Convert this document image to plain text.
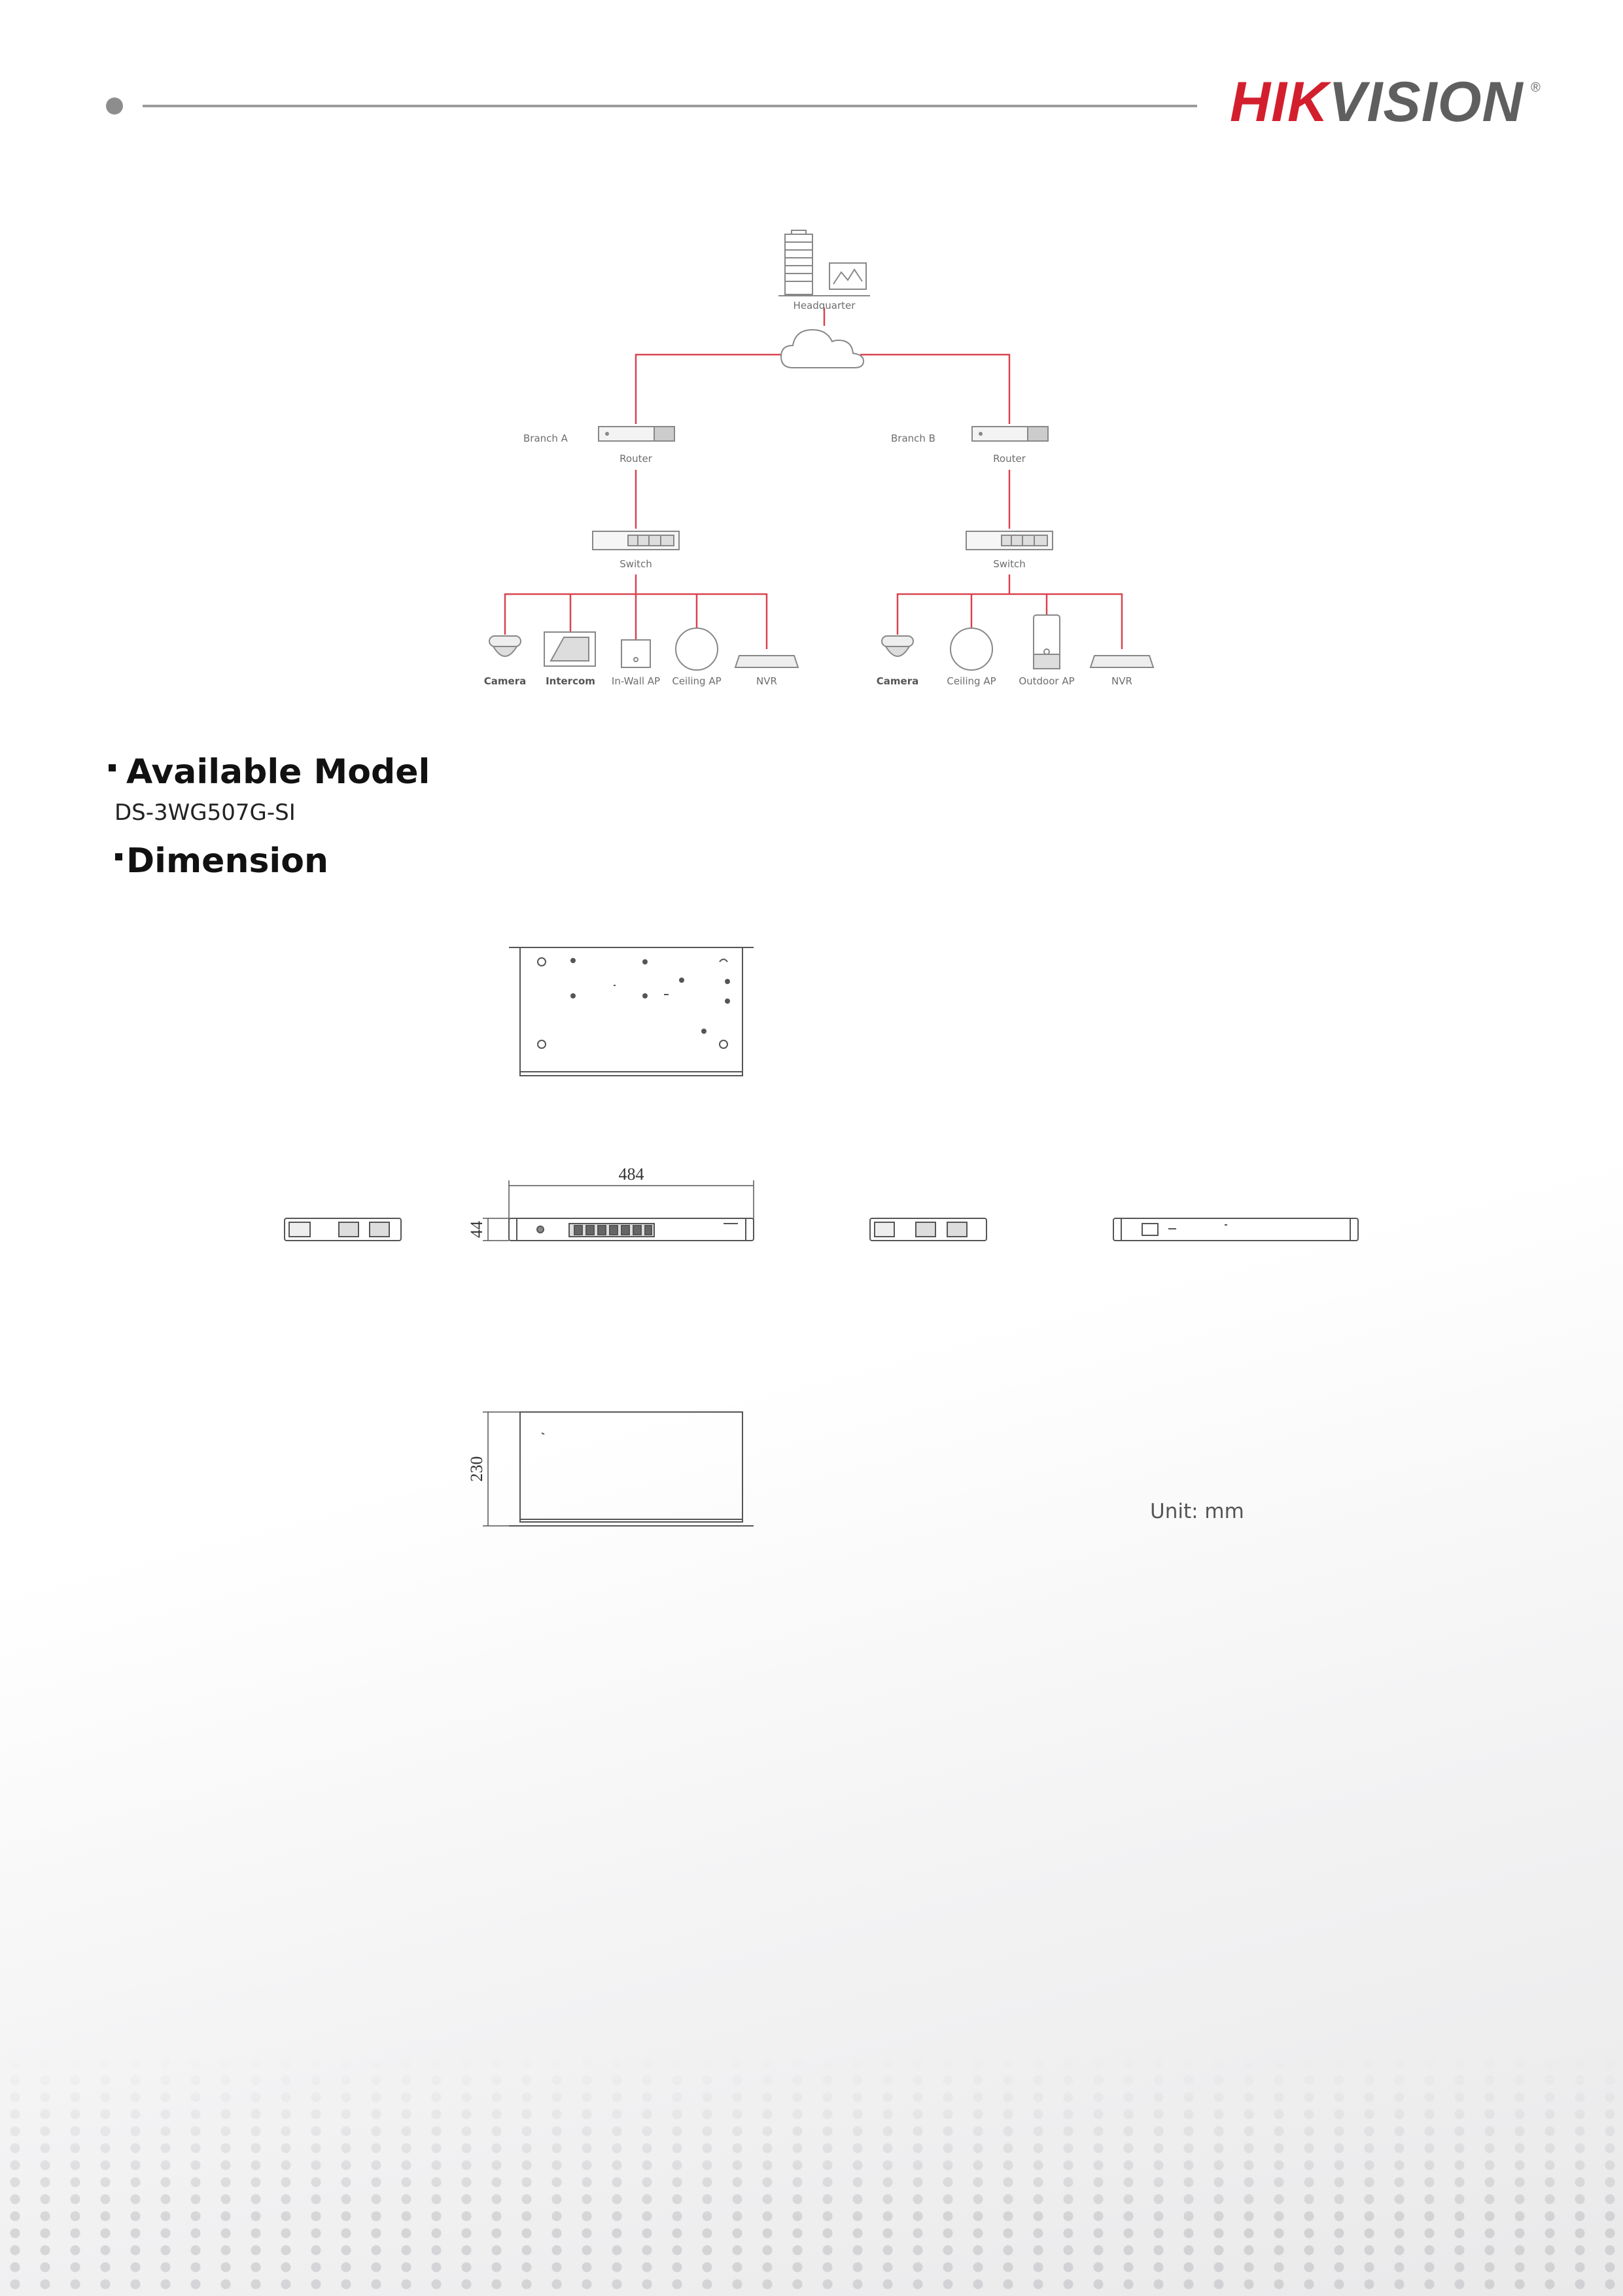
HIKVISION ®
Headquarter
Branch A	Branch B
Router	Router
Switch	Switch
Camera Intercom In-Wall AP Ceiling AP	NVR	Camera	Ceiling AP Outdoor AP	NVR
Available Model
DS-3WG507G-SI
Dimension
484
44
230
Unit: mm
